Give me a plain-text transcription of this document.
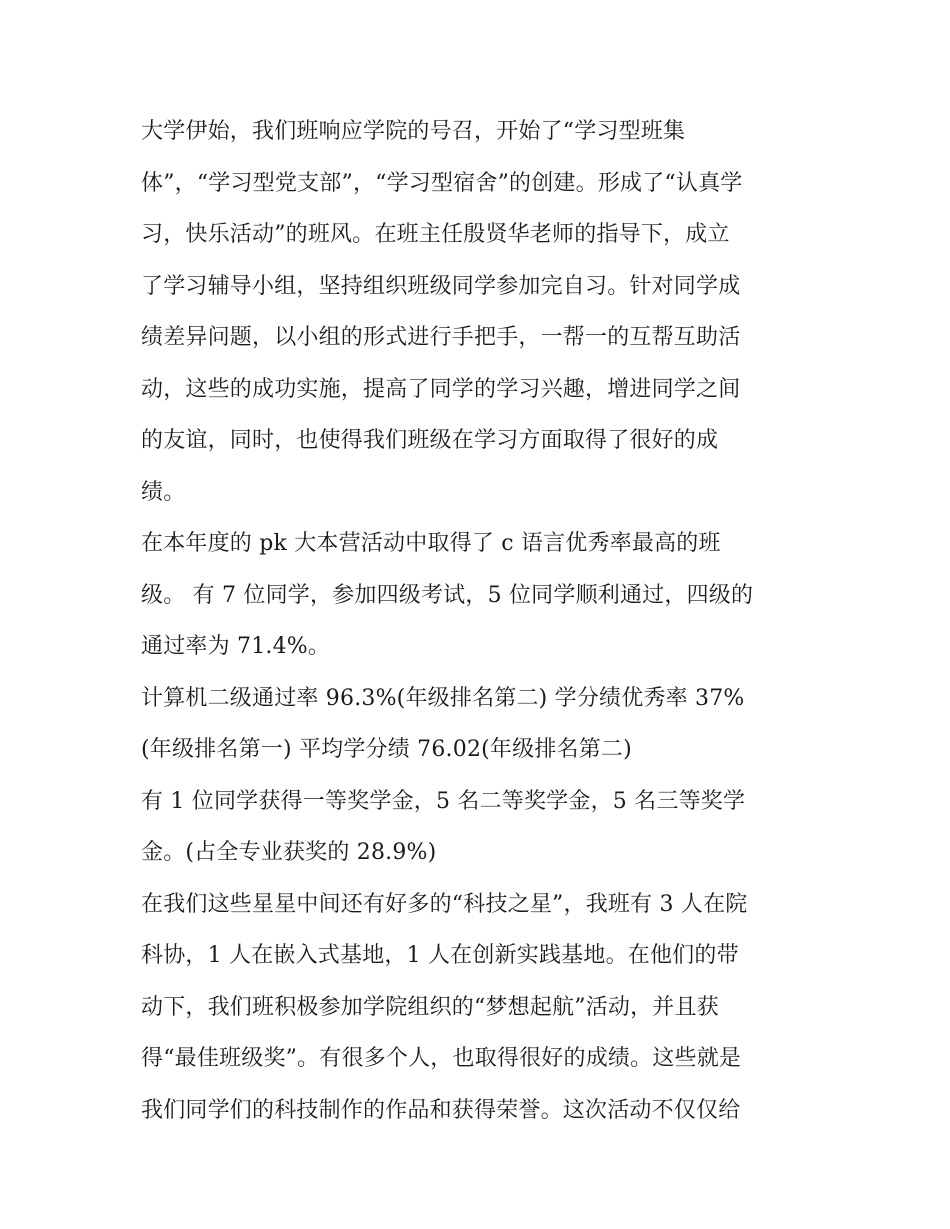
大学伊始，我们班响应学院的号召，开始了“学习型班集
体”，“学习型党支部”，“学习型宿舍”的创建。形成了“认真学
习，快乐活动”的班风。在班主任殷贤华老师的指导下，成立
了学习辅导小组，坚持组织班级同学参加完自习。针对同学成
绩差异问题，以小组的形式进行手把手，一帮一的互帮互助活
动，这些的成功实施，提高了同学的学习兴趣，增进同学之间
的友谊，同时，也使得我们班级在学习方面取得了很好的成
绩。
在本年度的 pk 大本营活动中取得了 c 语言优秀率最高的班
级。 有 7 位同学，参加四级考试，5 位同学顺利通过，四级的
通过率为 71.4%。
计算机二级通过率 96.3%(年级排名第二) 学分绩优秀率 37%
(年级排名第一) 平均学分绩 76.02(年级排名第二)
有 1 位同学获得一等奖学金，5 名二等奖学金，5 名三等奖学
金。(占全专业获奖的 28.9%)
在我们这些星星中间还有好多的“科技之星”，我班有 3 人在院
科协，1 人在嵌入式基地，1 人在创新实践基地。在他们的带
动下，我们班积极参加学院组织的“梦想起航”活动，并且获
得“最佳班级奖”。有很多个人，也取得很好的成绩。这些就是
我们同学们的科技制作的作品和获得荣誉。这次活动不仅仅给
